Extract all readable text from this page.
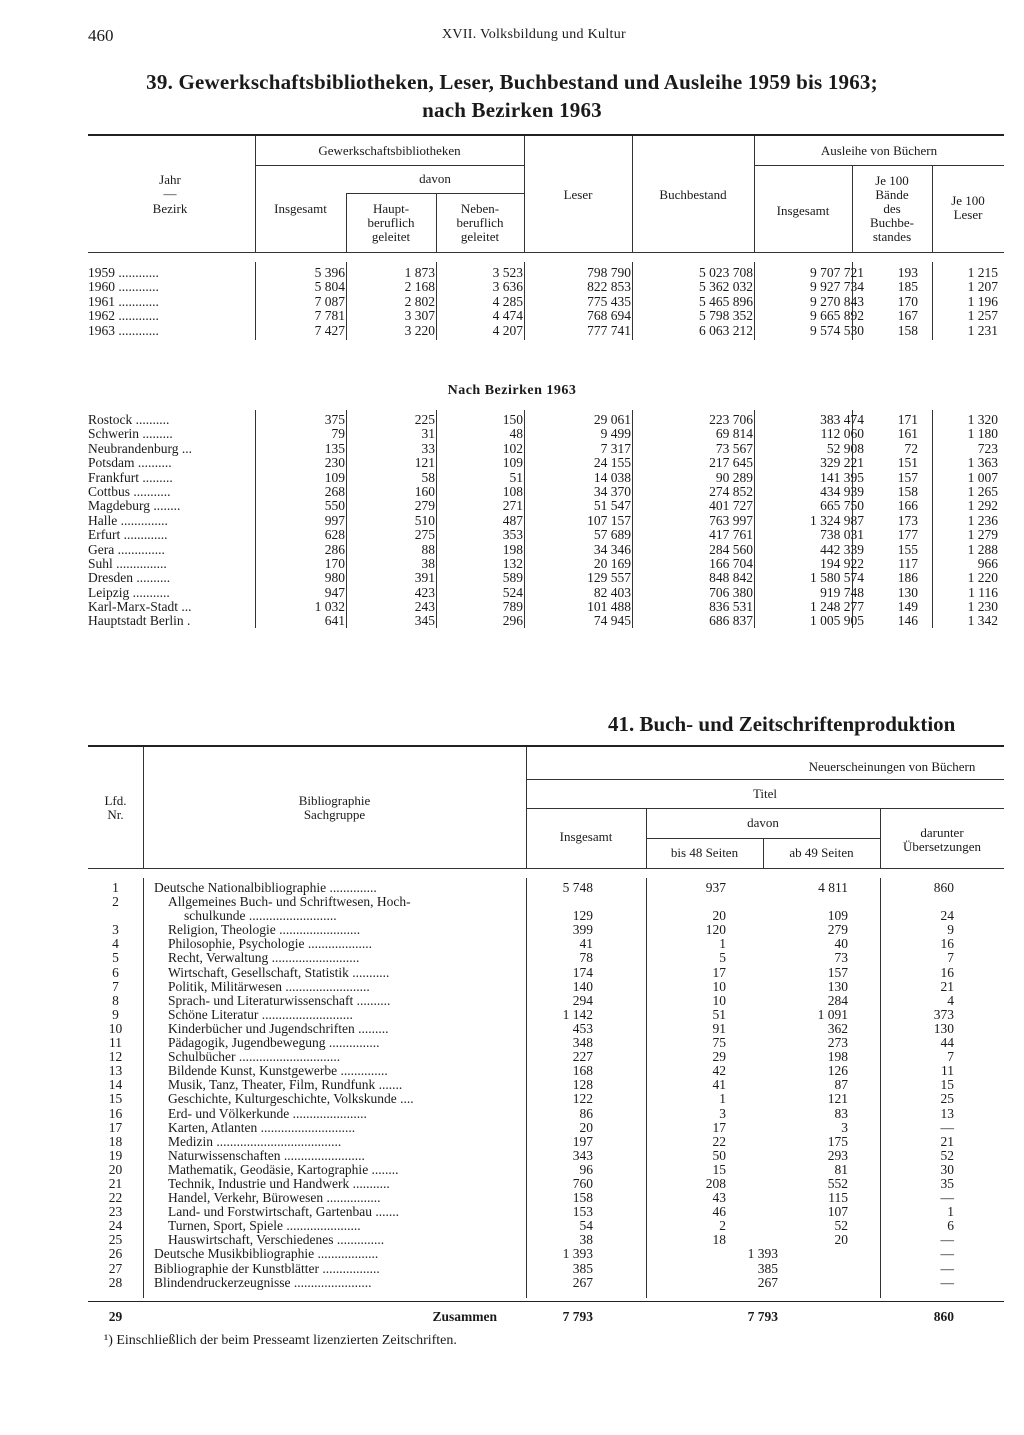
460	XVII. Volksbildung und Kultur
39. Gewerkschaftsbibliotheken, Leser, Buchbestand und Ausleihe 1959 bis 1963;
nach Bezirken 1963
Jahr
—
Bezirk
Gewerkschaftsbibliotheken
davon
Insgesamt	Haupt-
beruflich
geleitet
Neben-
beruflich
geleitet
Leser	Buchbestand
Ausleihe von Büchern
Insgesamt
Je 100
Bände
des
Buchbe-
standes
Je 100
Leser
1959 ............	5 396	1 873	3 523	798 790	5 023 708	9 707 721	193	1 215
1960 ............	5 804	2 168	3 636	822 853	5 362 032	9 927 734	185	1 207
1961 ............	7 087	2 802	4 285	775 435	5 465 896	9 270 843	170	1 196
1962 ............	7 781	3 307	4 474	768 694	5 798 352	9 665 892	167	1 257
1963 ............	7 427	3 220	4 207	777 741	6 063 212	9 574 530	158	1 231
Nach Bezirken 1963
Rostock ..........	375	225	150	29 061	223 706	383 474	171	1 320
Schwerin .........	79	31	48	9 499	69 814	112 060	161	1 180
Neubrandenburg ...	135	33	102	7 317	73 567	52 908	72	723
Potsdam ..........	230	121	109	24 155	217 645	329 221	151	1 363
Frankfurt .........	109	58	51	14 038	90 289	141 395	157	1 007
Cottbus ...........	268	160	108	34 370	274 852	434 939	158	1 265
Magdeburg ........	550	279	271	51 547	401 727	665 750	166	1 292
Halle ..............	997	510	487	107 157	763 997	1 324 987	173	1 236
Erfurt .............	628	275	353	57 689	417 761	738 031	177	1 279
Gera ..............	286	88	198	34 346	284 560	442 339	155	1 288
Suhl ...............	170	38	132	20 169	166 704	194 922	117	966
Dresden ..........	980	391	589	129 557	848 842	1 580 574	186	1 220
Leipzig ...........	947	423	524	82 403	706 380	919 748	130	1 116
Karl-Marx-Stadt ...	1 032	243	789	101 488	836 531	1 248 277	149	1 230
Hauptstadt Berlin .	641	345	296	74 945	686 837	1 005 905	146	1 342
41. Buch- und Zeitschriftenproduktion
Lfd.
Nr.
Bibliographie
Sachgruppe
Neuerscheinungen von Büchern
Titel
Insgesamt
davon
bis 48 Seiten	ab 49 Seiten
darunter
Übersetzungen
1	Deutsche Nationalbibliographie ..............	5 748	937	4 811	860
2	Allgemeines Buch- und Schriftwesen, Hoch-
schulkunde ..........................	129	20	109	24
3	Religion, Theologie ........................	399	120	279	9
4	Philosophie, Psychologie ...................	41	1	40	16
5	Recht, Verwaltung ..........................	78	5	73	7
6	Wirtschaft, Gesellschaft, Statistik ...........	174	17	157	16
7	Politik, Militärwesen .........................	140	10	130	21
8	Sprach- und Literaturwissenschaft ..........	294	10	284	4
9	Schöne Literatur ...........................	1 142	51	1 091	373
10	Kinderbücher und Jugendschriften .........	453	91	362	130
11	Pädagogik, Jugendbewegung ...............	348	75	273	44
12	Schulbücher ..............................	227	29	198	7
13	Bildende Kunst, Kunstgewerbe ..............	168	42	126	11
14	Musik, Tanz, Theater, Film, Rundfunk .......	128	41	87	15
15	Geschichte, Kulturgeschichte, Volkskunde ....	122	1	121	25
16	Erd- und Völkerkunde ......................	86	3	83	13
17	Karten, Atlanten ............................	20	17	3	—
18	Medizin .....................................	197	22	175	21
19	Naturwissenschaften ........................	343	50	293	52
20	Mathematik, Geodäsie, Kartographie ........	96	15	81	30
21	Technik, Industrie und Handwerk ...........	760	208	552	35
22	Handel, Verkehr, Bürowesen ................	158	43	115	—
23	Land- und Forstwirtschaft, Gartenbau .......	153	46	107	1
24	Turnen, Sport, Spiele ......................	54	2	52	6
25	Hauswirtschaft, Verschiedenes ..............	38	18	20	—
26	Deutsche Musikbibliographie ..................	1 393	1 393	—
27	Bibliographie der Kunstblätter .................	385	385	—
28	Blindendruckerzeugnisse .......................	267	267	—
29	Zusammen	7 793	7 793	860
¹) Einschließlich der beim Presseamt lizenzierten Zeitschriften.
